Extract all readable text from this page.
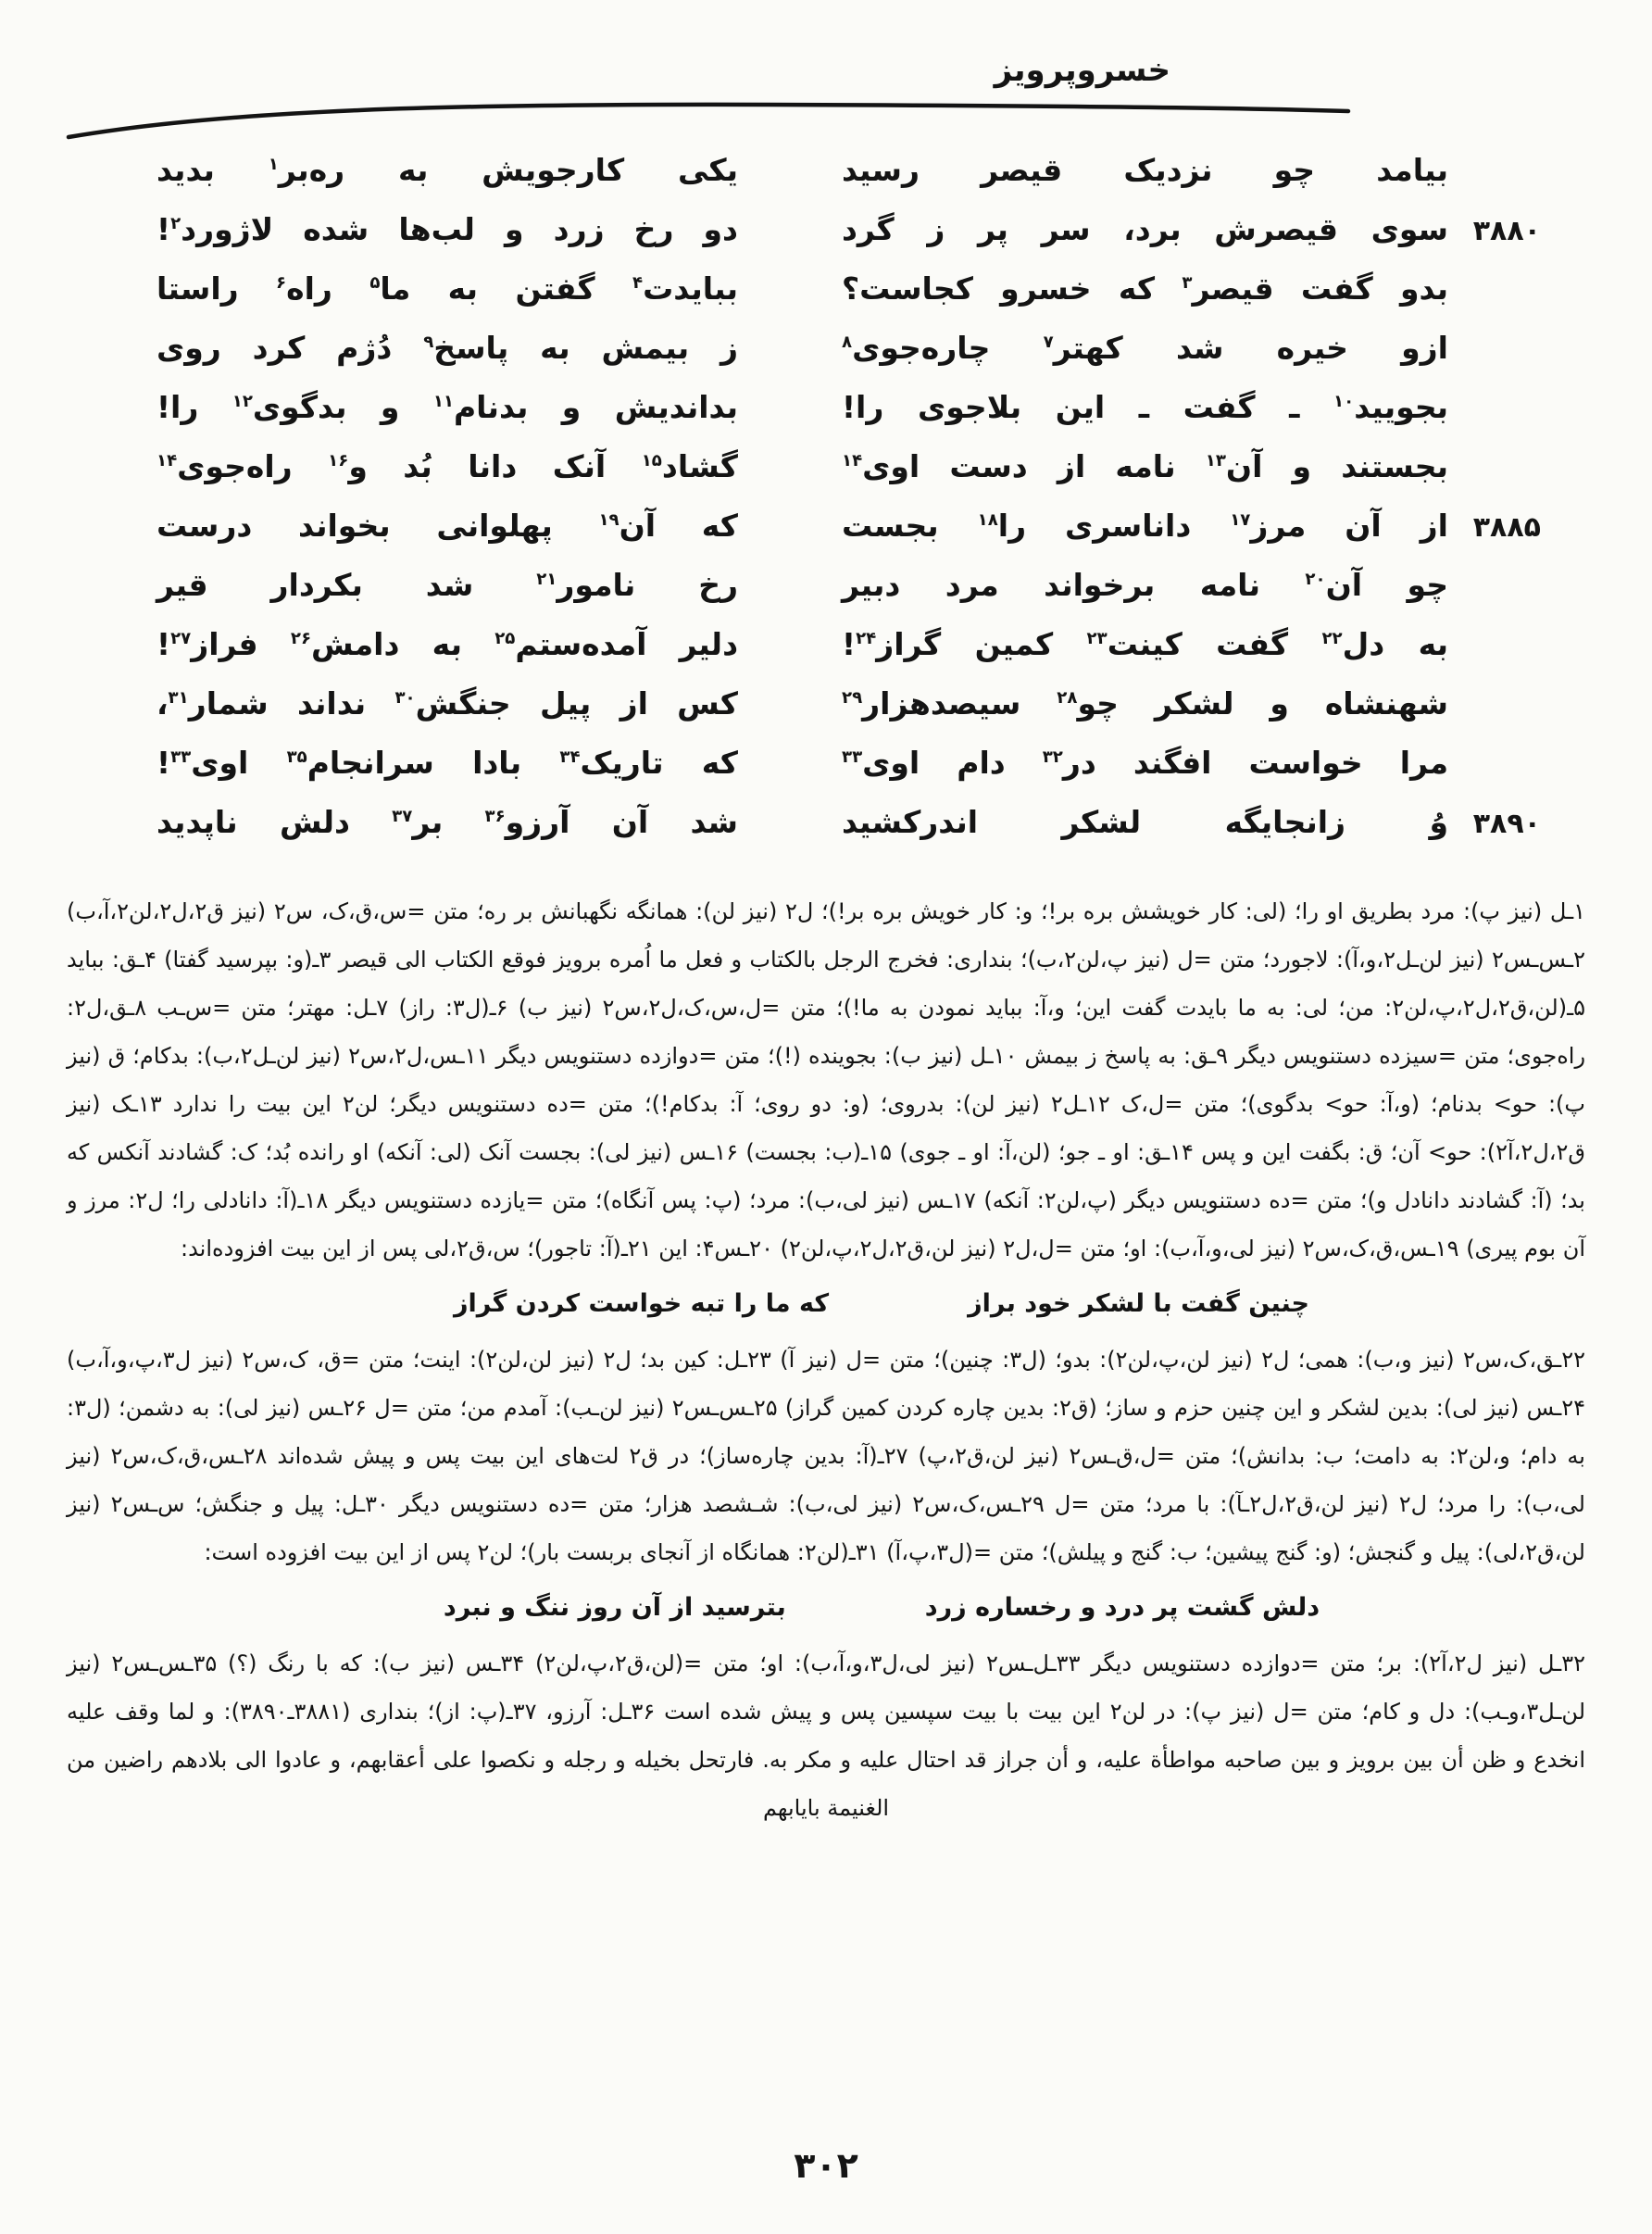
خسروپرویز
بیامد چو نزدیک قیصر رسید
یکی کارجویش به ره‌بر$^۱$ بدید
۳۸۸۰
سوی قیصرش برد، سر پر ز گرد
دو رخ زرد و لب‌ها شده لاژورد$^۲$!
بدو گفت قیصر$^۳$ که خسرو کجاست؟
ببایدت$^۴$ گفتن به ما$^۵$ راه$^۶$ راستا
ازو خیره شد کهتر$^۷$ چاره‌جوی$^۸$
ز بیمش به پاسخ$^۹$ دُژم کرد روی
بجویید$^{۱۰}$ ـ گفت ـ این بلاجوی را!
بداندیش و بدنام$^{۱۱}$ و بدگوی$^{۱۲}$ را!
بجستند و آن$^{۱۳}$ نامه از دست اوی$^{۱۴}$
گشاد$^{۱۵}$ آنک دانا بُد و$^{۱۶}$ راه‌جوی$^{۱۴}$
۳۸۸۵
از آن مرز$^{۱۷}$ داناسری را$^{۱۸}$ بجست
که آن$^{۱۹}$ پهلوانی بخواند درست
چو آن$^{۲۰}$ نامه برخواند مرد دبیر
رخ نامور$^{۲۱}$ شد بکردار قیر
به دل$^{۲۲}$ گفت کینت$^{۲۳}$ کمین گراز$^{۲۴}$!
دلیر آمده‌ستم$^{۲۵}$ به دامش$^{۲۶}$ فراز$^{۲۷}$!
شهنشاه و لشکر چو$^{۲۸}$ سیصدهزار$^{۲۹}$
کس از پیل جنگش$^{۳۰}$ نداند شمار$^{۳۱}$،
مرا خواست افگند در$^{۳۲}$ دام اوی$^{۳۳}$
که تاریک$^{۳۴}$ بادا سرانجام$^{۳۵}$ اوی$^{۳۳}$!
۳۸۹۰
وُ زانجایگه لشکر اندرکشید
شد آن آرزو$^{۳۶}$ بر$^{۳۷}$ دلش ناپدید

۱ـل (نیز پ): مرد بطریق او را؛ (لی: کار خویشش بره بر!؛ و: کار خویش بره بر!)؛ ل۲ (نیز لن): همانگه نگهبانش بر ره؛ متن =س،ق،ک، س۲ (نیز ق۲،ل۲،لن۲،آ،ب) ۲ـس‌ـس۲ (نیز لن‌ـل۲،و،آ): لاجورد؛ متن =ل (نیز پ،لن۲،ب)؛ بنداری: فخرج الرجل بالکتاب و فعل ما اُمره برویز فوقع الکتاب الی قیصر ۳ـ(و: بپرسید گفتا) ۴ـق: بباید ۵ـ(لن،ق۲،ل۲،پ،لن۲: من؛ لی: به ما بایدت گفت این؛ و،آ: بباید نمودن به ما!)؛ متن =ل،س،ک،ل۲،س۲ (نیز ب) ۶ـ(ل۳: راز) ۷ـل: مهتر؛ متن =س‌ـب ۸ـق،ل۲: راه‌جوی؛ متن =سیزده دستنویس دیگر ۹ـق: به پاسخ ز بیمش ۱۰ـل (نیز ب): بجوینده (!)؛ متن =دوازده دستنویس دیگر ۱۱ـس،ل۲،س۲ (نیز لن‌ـل۲،ب): بدکام؛ ق (نیز پ): حو> بدنام؛ (و،آ: حو> بدگوی)؛ متن =ل،ک ۱۲ـل۲ (نیز لن): بدروی؛ (و: دو روی؛ آ: بدکام!)؛ متن =ده دستنویس دیگر؛ لن۲ این بیت را ندارد ۱۳ـک (نیز ق۲،ل۲،آ۲): حو> آن؛ ق: بگفت این و پس ۱۴ـق: او ـ جو؛ (لن،آ: او ـ جوی) ۱۵ـ(ب: بجست) ۱۶ـس (نیز لی): بجست آنک (لی: آنکه) او رانده بُد؛ ک: گشادند آنکس که بد؛ (آ: گشادند دانادل و)؛ متن =ده دستنویس دیگر (پ،لن۲: آنکه) ۱۷ـس (نیز لی،ب): مرد؛ (پ: پس آنگاه)؛ متن =یازده دستنویس دیگر ۱۸ـ(آ: دانادلی را؛ ل۲: مرز و آن بوم پیری) ۱۹ـس،ق،ک،س۲ (نیز لی،و،آ،ب): او؛ متن =ل،ل۲ (نیز لن،ق۲،ل۲،پ،لن۲) ۲۰ـس۴: این ۲۱ـ(آ: تاجور)؛ س،ق۲،لی پس از این بیت افزوده‌اند:

چنین گفت با لشکر خود براز
که ما را تبه خواست کردن گراز

۲۲ـق،ک،س۲ (نیز و،ب): همی؛ ل۲ (نیز لن،پ،لن۲): بدو؛ (ل۳: چنین)؛ متن =ل (نیز آ) ۲۳ـل: کین بد؛ ل۲ (نیز لن،لن۲): اینت؛ متن =ق، ک،س۲ (نیز ل۳،پ،و،آ،ب) ۲۴ـس (نیز لی): بدین لشکر و این چنین حزم و ساز؛ (ق۲: بدین چاره کردن کمین گراز) ۲۵ـس‌ـس۲ (نیز لن‌ـب): آمدم من؛ متن =ل ۲۶ـس (نیز لی): به دشمن؛ (ل۳: به دام؛ و،لن۲: به دامت؛ ب: بدانش)؛ متن =ل،ق‌ـس۲ (نیز لن،ق۲،پ) ۲۷ـ(آ: بدین چاره‌ساز)؛ در ق۲ لت‌های این بیت پس و پیش شده‌اند ۲۸ـس،ق،ک،س۲ (نیز لی،ب): را مرد؛ ل۲ (نیز لن،ق۲،ل۲ـآ): با مرد؛ متن =ل ۲۹ـس،ک،س۲ (نیز لی،ب): شـشصد هزار؛ متن =ده دستنویس دیگر ۳۰ـل: پیل و جنگش؛ س‌ـس۲ (نیز لن،ق۲،لی): پیل و گنجش؛ (و: گنج پیشین؛ ب: گنج و پیلش)؛ متن =(ل۳،پ،آ) ۳۱ـ(لن۲: همانگاه از آنجای بربست بار)؛ لن۲ پس از این بیت افزوده است:

دلش گشت پر درد و رخساره زرد
بترسید از آن روز ننگ و نبرد

۳۲ـل (نیز ل۲،آ۲): بر؛ متن =دوازده دستنویس دیگر ۳۳ـل‌ـس۲ (نیز لی،ل۳،و،آ،ب): او؛ متن =(لن،ق۲،پ،لن۲) ۳۴ـس (نیز ب): که با رنگ (؟) ۳۵ـس‌ـس۲ (نیز لن‌ـل۳،و‌ـب): دل و کام؛ متن =ل (نیز پ): در لن۲ این بیت با بیت سپسین پس و پیش شده است ۳۶ـل: آرزو، ۳۷ـ(پ: از)؛ بنداری (۳۸۸۱ـ۳۸۹۰): و لما وقف علیه انخدع و ظن أن بین برویز و بین صاحبه مواطأة علیه، و أن جراز قد احتال علیه و مکر به. فارتحل بخیله و رجله و نکصوا علی أعقابهم، و عادوا الی بلادهم راضین من الغنیمة بایابهم

۳۰۲
